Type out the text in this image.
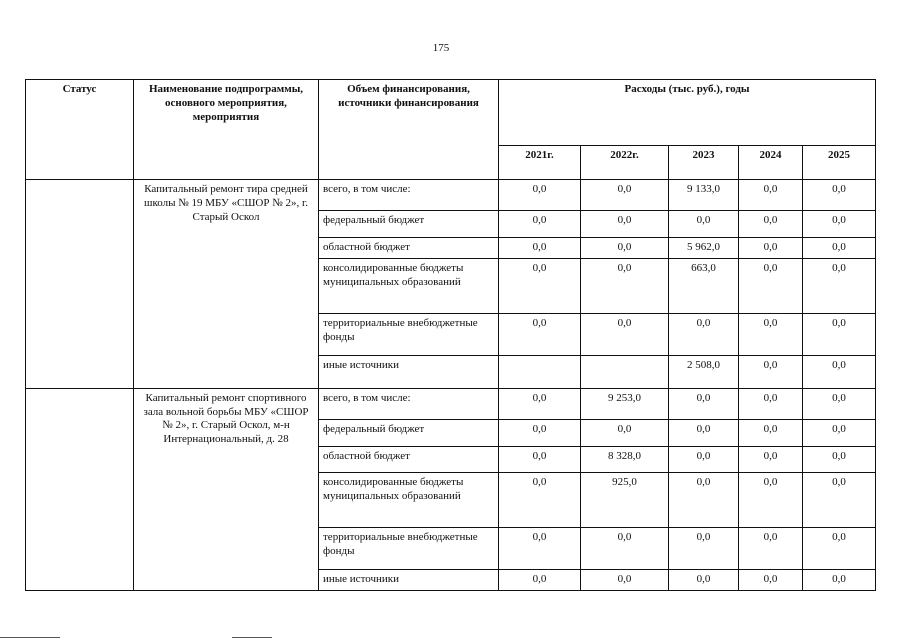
175
Статус	Наименование подпрограммы, основного мероприятия, мероприятия	Объем финансирования, источники финансирования	Расходы (тыс. руб.), годы				
			2021г.	2022г.	2023	2024	2025
	Капитальный ремонт тира средней школы № 19 МБУ «СШОР № 2», г. Старый Оскол	всего, в том числе:	0,0	0,0	9 133,0	0,0	0,0
		федеральный бюджет	0,0	0,0	0,0	0,0	0,0
		областной бюджет	0,0	0,0	5 962,0	0,0	0,0
		консолидированные бюджеты муниципальных образований	0,0	0,0	663,0	0,0	0,0
		территориальные внебюджетные фонды	0,0	0,0	0,0	0,0	0,0
		иные источники			2 508,0	0,0	0,0
	Капитальный ремонт спортивного зала вольной борьбы МБУ «СШОР № 2», г. Старый Оскол, м-н Интернациональный, д. 28	всего, в том числе:	0,0	9 253,0	0,0	0,0	0,0
		федеральный бюджет	0,0	0,0	0,0	0,0	0,0
		областной бюджет	0,0	8 328,0	0,0	0,0	0,0
		консолидированные бюджеты муниципальных образований	0,0	925,0	0,0	0,0	0,0
		территориальные внебюджетные фонды	0,0	0,0	0,0	0,0	0,0
		иные источники	0,0	0,0	0,0	0,0	0,0
